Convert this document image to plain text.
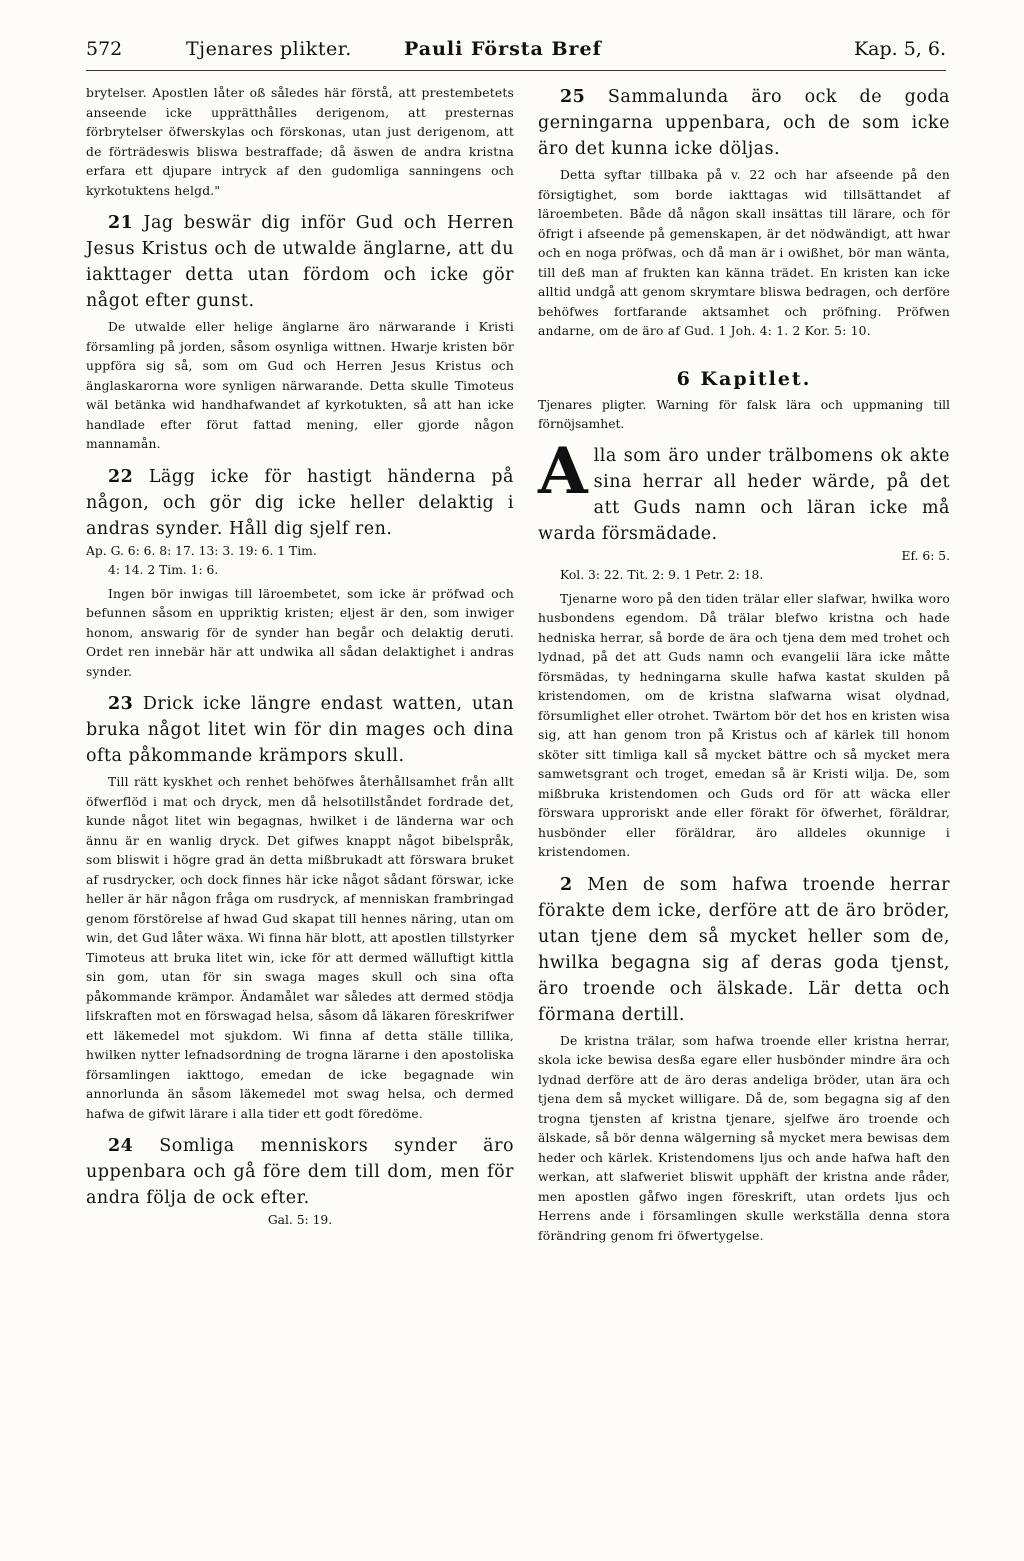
572	Tjenares plikter.	Pauli Första Bref	Kap. 5, 6.

brytelser. Apostlen låter oß således här förstå, att prestembetets anseende icke upprätthålles derigenom, att presternas förbrytelser öfwerskylas och förskonas, utan just derigenom, att de förträdeswis bliswa bestraffade; då äswen de andra kristna erfara ett djupare intryck af den gudomliga sanningens och kyrkotuktens helgd."

21 Jag beswär dig inför Gud och Herren Jesus Kristus och de utwalde änglarne, att du iakttager detta utan fördom och icke gör något efter gunst.

De utwalde eller helige änglarne äro närwarande i Kristi församling på jorden, såsom osynliga wittnen. Hwarje kristen bör uppföra sig så, som om Gud och Herren Jesus Kristus och änglaskarorna wore synligen närwarande. Detta skulle Timoteus wäl betänka wid handhafwandet af kyrkotukten, så att han icke handlade efter förut fattad mening, eller gjorde någon mannamån.

22 Lägg icke för hastigt händerna på någon, och gör dig icke heller delaktig i andras synder. Håll dig sjelf ren.

Ap. G. 6: 6. 8: 17. 13: 3. 19: 6. 1 Tim.

4: 14. 2 Tim. 1: 6.

Ingen bör inwigas till läroembetet, som icke är pröfwad och befunnen såsom en uppriktig kristen; eljest är den, som inwiger honom, answarig för de synder han begår och delaktig deruti. Ordet ren innebär här att undwika all sådan delaktighet i andras synder.

23 Drick icke längre endast watten, utan bruka något litet win för din mages och dina ofta påkommande krämpors skull.

Till rätt kyskhet och renhet behöfwes återhållsamhet från allt öfwerflöd i mat och dryck, men då helsotillståndet fordrade det, kunde något litet win begagnas, hwilket i de länderna war och ännu är en wanlig dryck. Det gifwes knappt något bibelspråk, som bliswit i högre grad än detta mißbrukadt att förswara bruket af rusdrycker, och dock finnes här icke något sådant förswar, icke heller är här någon fråga om rusdryck, af menniskan frambringad genom förstörelse af hwad Gud skapat till hennes näring, utan om win, det Gud låter wäxa. Wi finna här blott, att apostlen tillstyrker Timoteus att bruka litet win, icke för att dermed wälluftigt kittla sin gom, utan för sin swaga mages skull och sina ofta påkommande krämpor. Ändamålet war således att dermed stödja lifskraften mot en förswagad helsa, såsom då läkaren föreskrifwer ett läkemedel mot sjukdom. Wi finna af detta ställe tillika, hwilken nytter lefnadsordning de trogna lärarne i den apostoliska församlingen iakttogo, emedan de icke begagnade win annorlunda än såsom läkemedel mot swag helsa, och dermed hafwa de gifwit lärare i alla tider ett godt föredöme.

24 Somliga menniskors synder äro uppenbara och gå före dem till dom, men för andra följa de ock efter.

Gal. 5: 19.

25 Sammalunda äro ock de goda gerningarna uppenbara, och de som icke äro det kunna icke döljas.

Detta syftar tillbaka på v. 22 och har afseende på den försigtighet, som borde iakttagas wid tillsättandet af läroembeten. Både då någon skall insättas till lärare, och för öfrigt i afseende på gemenskapen, är det nödwändigt, att hwar och en noga pröfwas, och då man är i owißhet, bör man wänta, till deß man af frukten kan känna trädet. En kristen kan icke alltid undgå att genom skrymtare bliswa bedragen, och derföre behöfwes fortfarande aktsamhet och pröfning. Pröfwen andarne, om de äro af Gud. 1 Joh. 4: 1. 2 Kor. 5: 10.

6 Kapitlet.

Tjenares pligter. Warning för falsk lära och uppmaning till förnöjsamhet.

A lla som äro under trälbomens ok aktе sina herrar all heder wärde, på det att Guds namn och läran icke må warda försmädade.

Ef. 6: 5.

Kol. 3: 22. Tit. 2: 9. 1 Petr. 2: 18.

Tjenarne woro på den tiden trälar eller slafwar, hwilka woro husbondens egendom. Då trälar blefwo kristna och hade hedniska herrar, så borde de ära och tjena dem med trohet och lydnad, på det att Guds namn och evangelii lära icke måtte försmädas, ty hedningarna skulle hafwa kastat skulden på kristendomen, om de kristna slafwarna wisat olydnad, försumlighet eller otrohet. Twärtom bör det hos en kristen wisa sig, att han genom tron på Kristus och af kärlek till honom sköter sitt timliga kall så mycket bättre och så mycket mera samwetsgrant och troget, emedan så är Kristi wilja. De, som mißbruka kristendomen och Guds ord för att wäcka eller förswara upproriskt ande eller förakt för öfwerhet, föräldrar, husbönder eller föräldrar, äro alldeles okunnige i kristendomen.

2 Men de som hafwa troende herrar förakte dem icke, derföre att de äro bröder, utan tjene dem så mycket heller som de, hwilka begagna sig af deras goda tjenst, äro troende och älskade. Lär detta och förmana dertill.

De kristna trälar, som hafwa troende eller kristna herrar, skola icke bewisa desßa egare eller husbönder mindre ära och lydnad derföre att de äro deras andeliga bröder, utan ära och tjena dem så mycket willigare. Då de, som begagna sig af den trogna tjensten af kristna tjenare, sjelfwe äro troende och älskade, så bör denna wälgerning så mycket mera bewisas dem heder och kärlek. Kristendomens ljus och ande hafwa haft den werkan, att slafweriet bliswit upphäft der kristna ande råder, men apostlen gåfwo ingen föreskrift, utan ordets ljus och Herrens ande i församlingen skulle werkställa denna stora förändring genom fri öfwertygelse.
